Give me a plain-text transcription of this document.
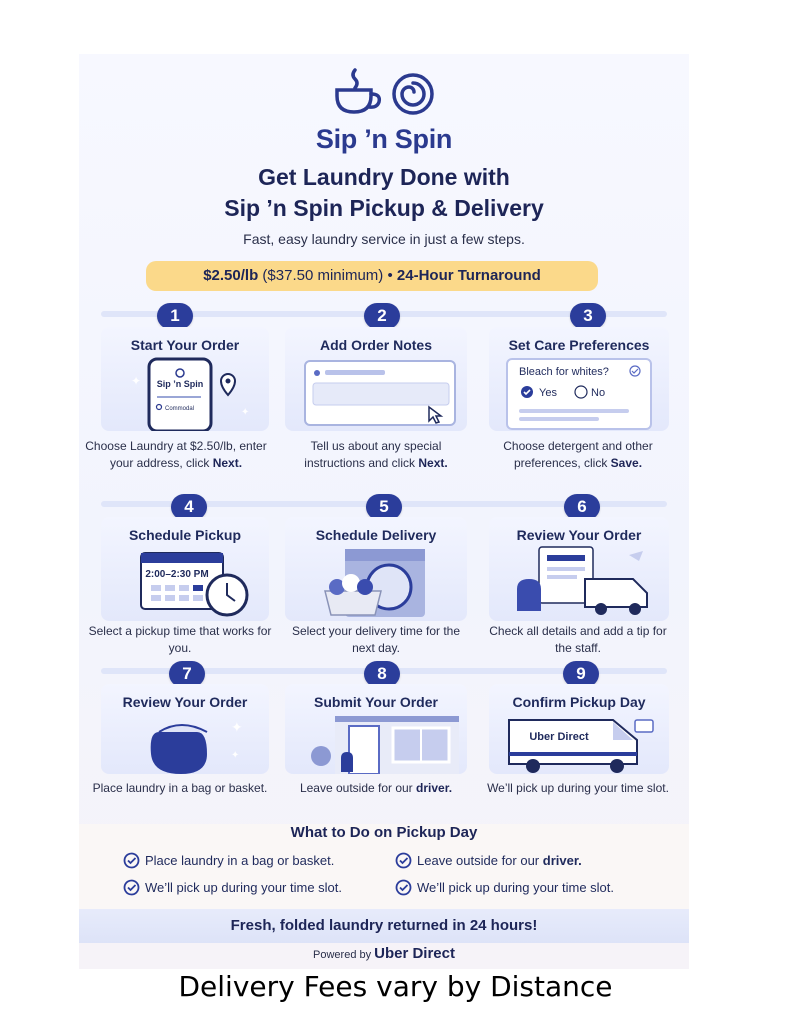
Sip ’n Spin
Get Laundry Done with
Sip ’n Spin Pickup & Delivery
Fast, easy laundry service in just a few steps.
$2.50/lb ($37.50 minimum) • 24-Hour Turnaround
1
Start Your Order
Sip ’n Spin
Commodal
✦
✦
Choose Laundry at $2.50/lb, enter your address, click Next.
2
Add Order Notes
Tell us about any special instructions and click Next.
3
Set Care Preferences
Bleach for whites?
Yes	No
Choose detergent and other preferences, click Save.
4
Schedule Pickup
2:00–2:30 PM
Select a pickup time that works for you.
5
Schedule Delivery
Select your delivery time for the next day.
6
Review Your Order
Check all details and add a tip for the staff.
7
Review Your Order
✦
✦
Place laundry in a bag or basket.
8
Submit Your Order
Leave outside for our driver.
9
Confirm Pickup Day
Uber Direct
We’ll pick up during your time slot.
What to Do on Pickup Day
Place laundry in a bag or basket.	Leave outside for our driver.
We’ll pick up during your time slot.	We’ll pick up during your time slot.
Fresh, folded laundry returned in 24 hours!
Powered by Uber Direct
Delivery Fees vary by Distance
